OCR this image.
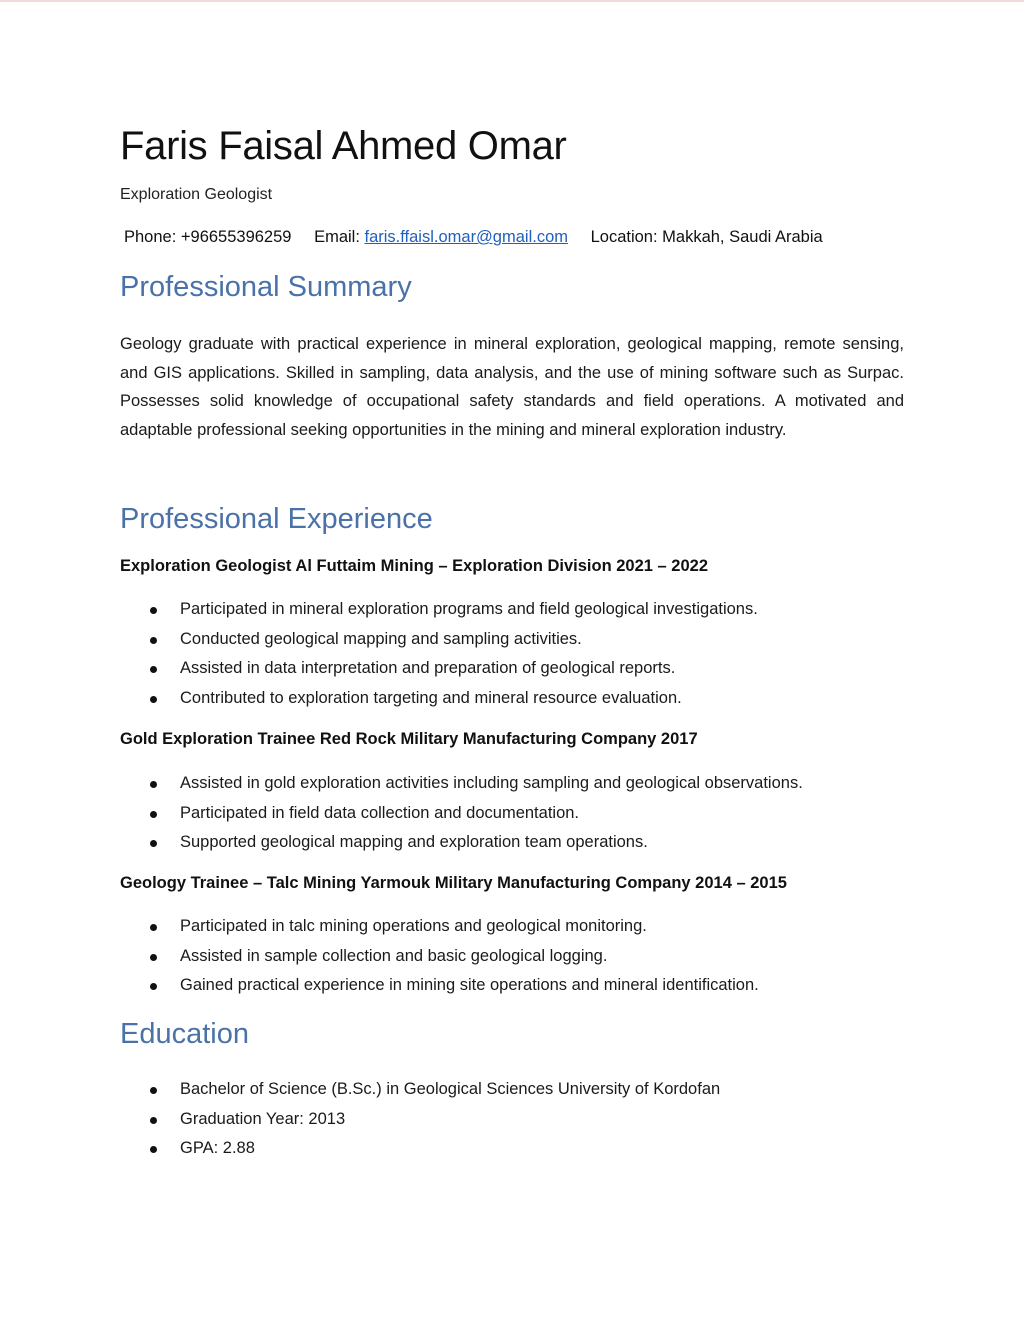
Faris Faisal Ahmed Omar
Exploration Geologist
Phone: +96655396259 Email: faris.ffaisl.omar@gmail.com Location: Makkah, Saudi Arabia
Professional Summary

Geology graduate with practical experience in mineral exploration, geological mapping, remote sensing, and GIS applications. Skilled in sampling, data analysis, and the use of mining software such as Surpac. Possesses solid knowledge of occupational safety standards and field operations. A motivated and adaptable professional seeking opportunities in the mining and mineral exploration industry.

Professional Experience
Exploration Geologist Al Futtaim Mining – Exploration Division 2021 – 2022
Participated in mineral exploration programs and field geological investigations.
Conducted geological mapping and sampling activities.
Assisted in data interpretation and preparation of geological reports.
Contributed to exploration targeting and mineral resource evaluation.
Gold Exploration Trainee Red Rock Military Manufacturing Company 2017
Assisted in gold exploration activities including sampling and geological observations.
Participated in field data collection and documentation.
Supported geological mapping and exploration team operations.
Geology Trainee – Talc Mining Yarmouk Military Manufacturing Company 2014 – 2015
Participated in talc mining operations and geological monitoring.
Assisted in sample collection and basic geological logging.
Gained practical experience in mining site operations and mineral identification.
Education
Bachelor of Science (B.Sc.) in Geological Sciences University of Kordofan
Graduation Year: 2013
GPA: 2.88
